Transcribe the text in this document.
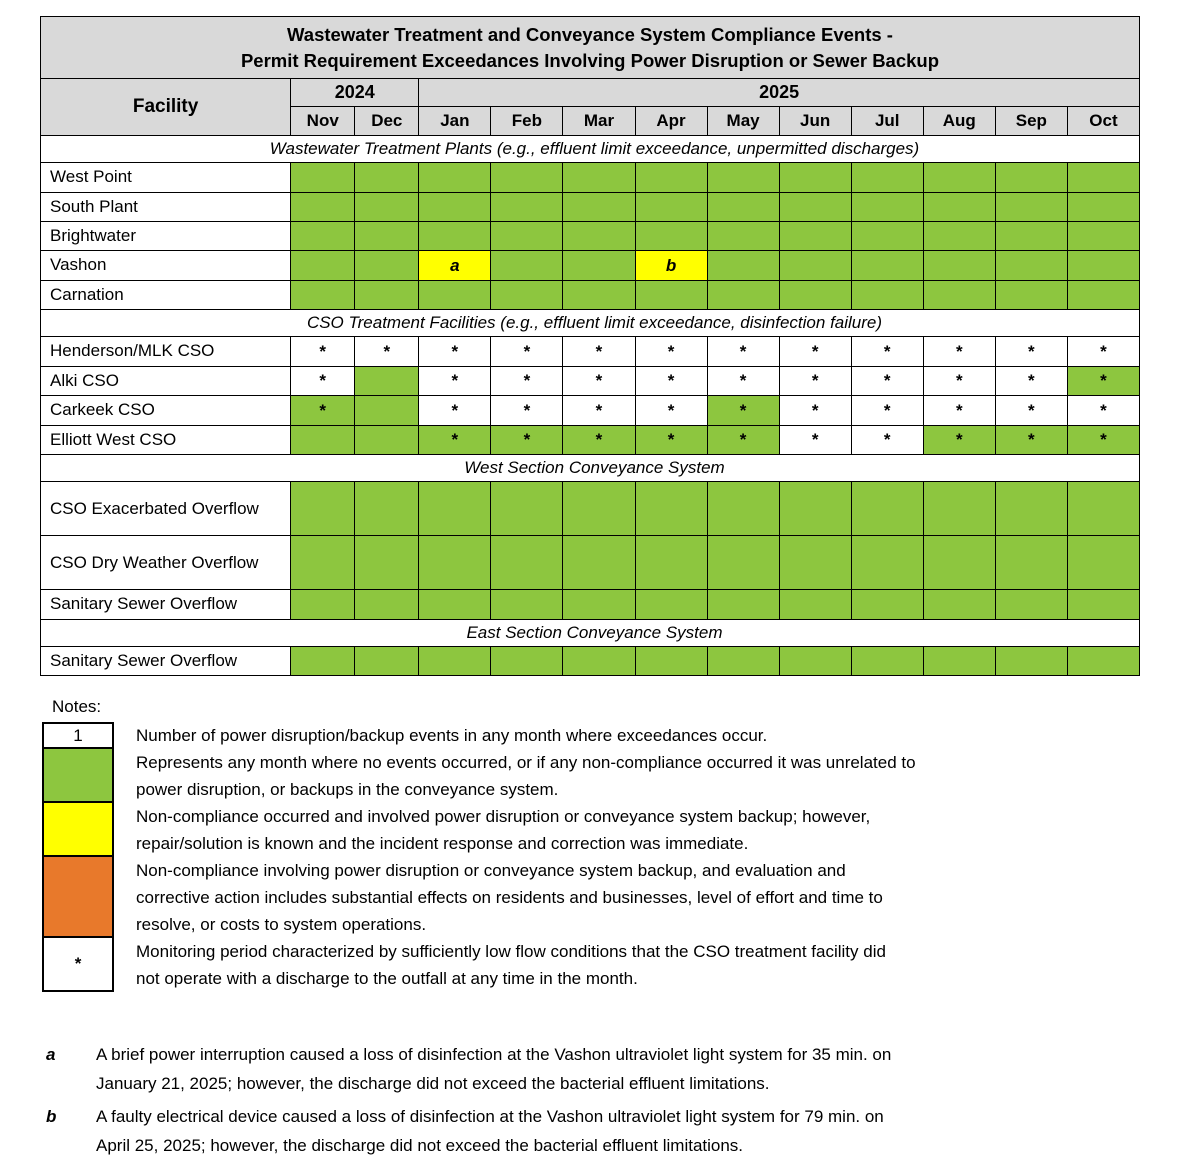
Wastewater Treatment and Conveyance System Compliance Events -
Permit Requirement Exceedances Involving Power Disruption or Sewer Backup												

Facility	2024		2025									
	Nov	Dec	Jan	Feb	Mar	Apr	May	Jun	Jul	Aug	Sep	Oct
Wastewater Treatment Plants (e.g., effluent limit exceedance, unpermitted discharges)												
West Point												
South Plant												
Brightwater												
Vashon			a			b						
Carnation												
CSO Treatment Facilities (e.g., effluent limit exceedance, disinfection failure)												
Henderson/MLK CSO	*	*	*	*	*	*	*	*	*	*	*	*
Alki CSO	*		*	*	*	*	*	*	*	*	*	*
Carkeek CSO	*		*	*	*	*	*	*	*	*	*	*
Elliott West CSO			*	*	*	*	*	*	*	*	*	*
West Section Conveyance System												
CSO Exacerbated Overflow												
CSO Dry Weather Overflow												
Sanitary Sewer Overflow												
East Section Conveyance System												
Sanitary Sewer Overflow												
Notes:
1	Number of power disruption/backup events in any month where exceedances occur.
Represents any month where no events occurred, or if any non-compliance occurred it was unrelated to
power disruption, or backups in the conveyance system.
Non-compliance occurred and involved power disruption or conveyance system backup; however,
repair/solution is known and the incident response and correction was immediate.
Non-compliance involving power disruption or conveyance system backup, and evaluation and
corrective action includes substantial effects on residents and businesses, level of effort and time to
resolve, or costs to system operations.
*
Monitoring period characterized by sufficiently low flow conditions that the CSO treatment facility did
not operate with a discharge to the outfall at any time in the month.
a	A brief power interruption caused a loss of disinfection at the Vashon ultraviolet light system for 35 min. on
January 21, 2025; however, the discharge did not exceed the bacterial effluent limitations.
b	A faulty electrical device caused a loss of disinfection at the Vashon ultraviolet light system for 79 min. on
April 25, 2025; however, the discharge did not exceed the bacterial effluent limitations.
